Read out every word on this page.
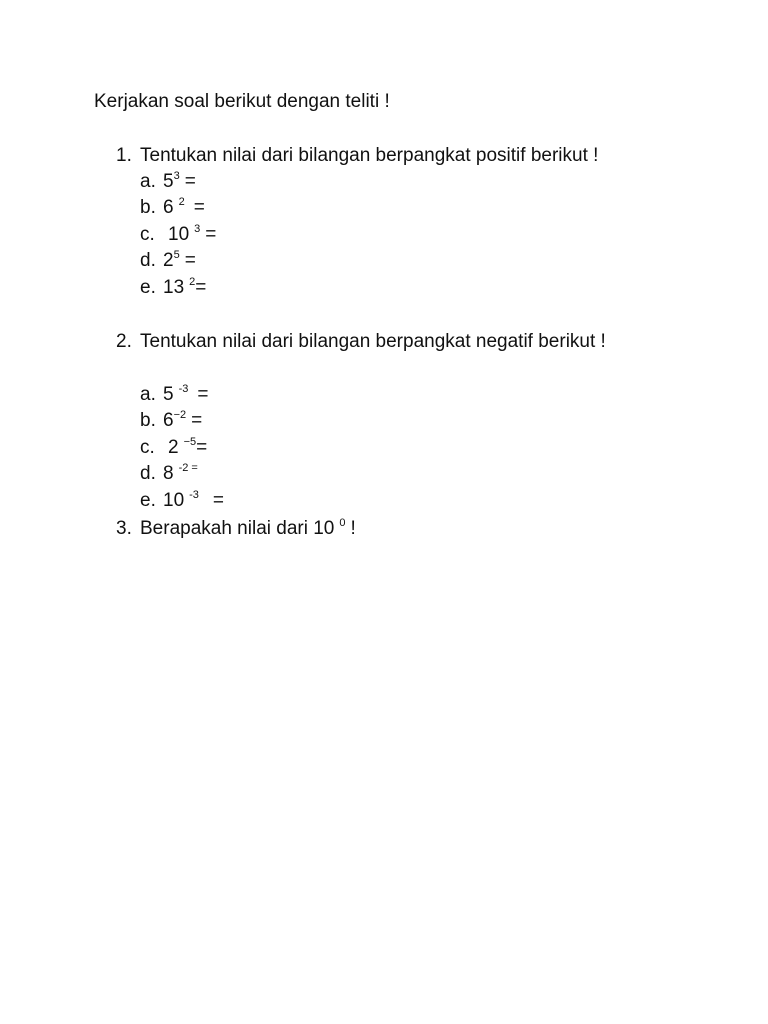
Kerjakan soal berikut dengan teliti !
1. Tentukan nilai dari bilangan berpangkat positif berikut !
a. $5^3$ =
b. 6 $^2$ =
c. 10 $^3$ =
d. $2^5$ =
e. 13 $^2$=
2. Tentukan nilai dari bilangan berpangkat negatif berikut !
a. 5 $^{-3}$ =
b. $6^{-2}$ =
c. 2 $^{-5}$=
d. 8 $^{-2 =}$
e. 10 $^{-3}$ =
3. Berapakah nilai dari 10 $^0$ !
